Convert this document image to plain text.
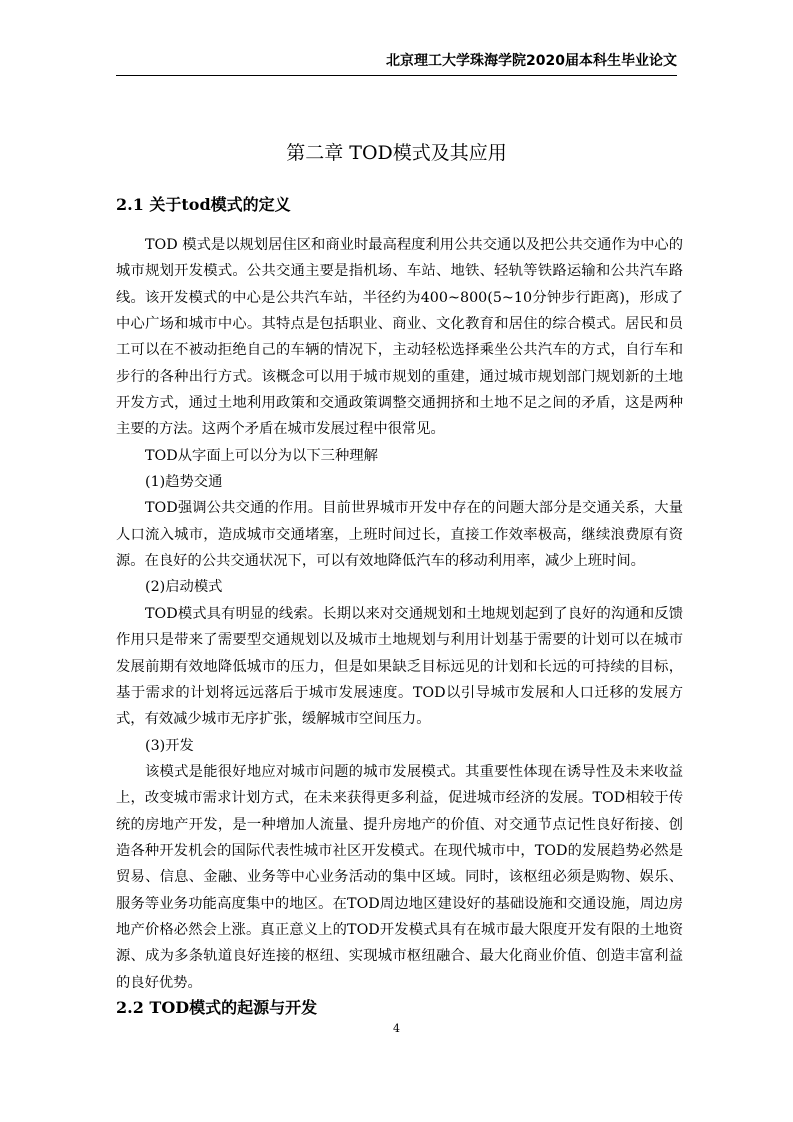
北京理工大学珠海学院2020届本科生毕业论文
第二章 TOD模式及其应用
2.1 关于tod模式的定义

TOD 模式是以规划居住区和商业时最高程度利用公共交通以及把公共交通作为中心的城市规划开发模式。公共交通主要是指机场、车站、地铁、轻轨等铁路运输和公共汽车路线。该开发模式的中心是公共汽车站，半径约为400~800(5~10分钟步行距离)，形成了中心广场和城市中心。其特点是包括职业、商业、文化教育和居住的综合模式。居民和员工可以在不被动拒绝自己的车辆的情况下，主动轻松选择乘坐公共汽车的方式，自行车和步行的各种出行方式。该概念可以用于城市规划的重建，通过城市规划部门规划新的土地开发方式，通过土地利用政策和交通政策调整交通拥挤和土地不足之间的矛盾，这是两种主要的方法。这两个矛盾在城市发展过程中很常见。

TOD从字面上可以分为以下三种理解

(1)趋势交通

TOD强调公共交通的作用。目前世界城市开发中存在的问题大部分是交通关系，大量人口流入城市，造成城市交通堵塞，上班时间过长，直接工作效率极高，继续浪费原有资源。在良好的公共交通状况下，可以有效地降低汽车的移动利用率，减少上班时间。

(2)启动模式

TOD模式具有明显的线索。长期以来对交通规划和土地规划起到了良好的沟通和反馈作用只是带来了需要型交通规划以及城市土地规划与利用计划基于需要的计划可以在城市发展前期有效地降低城市的压力，但是如果缺乏目标远见的计划和长远的可持续的目标，基于需求的计划将远远落后于城市发展速度。TOD以引导城市发展和人口迁移的发展方式，有效减少城市无序扩张，缓解城市空间压力。

(3)开发

该模式是能很好地应对城市问题的城市发展模式。其重要性体现在诱导性及未来收益上，改变城市需求计划方式，在未来获得更多利益，促进城市经济的发展。TOD相较于传统的房地产开发，是一种增加人流量、提升房地产的价值、对交通节点记性良好衔接、创造各种开发机会的国际代表性城市社区开发模式。在现代城市中，TOD的发展趋势必然是贸易、信息、金融、业务等中心业务活动的集中区域。同时，该枢纽必须是购物、娱乐、服务等业务功能高度集中的地区。在TOD周边地区建设好的基础设施和交通设施，周边房地产价格必然会上涨。真正意义上的TOD开发模式具有在城市最大限度开发有限的土地资源、成为多条轨道良好连接的枢纽、实现城市枢纽融合、最大化商业价值、创造丰富利益的良好优势。

2.2 TOD模式的起源与开发
4
